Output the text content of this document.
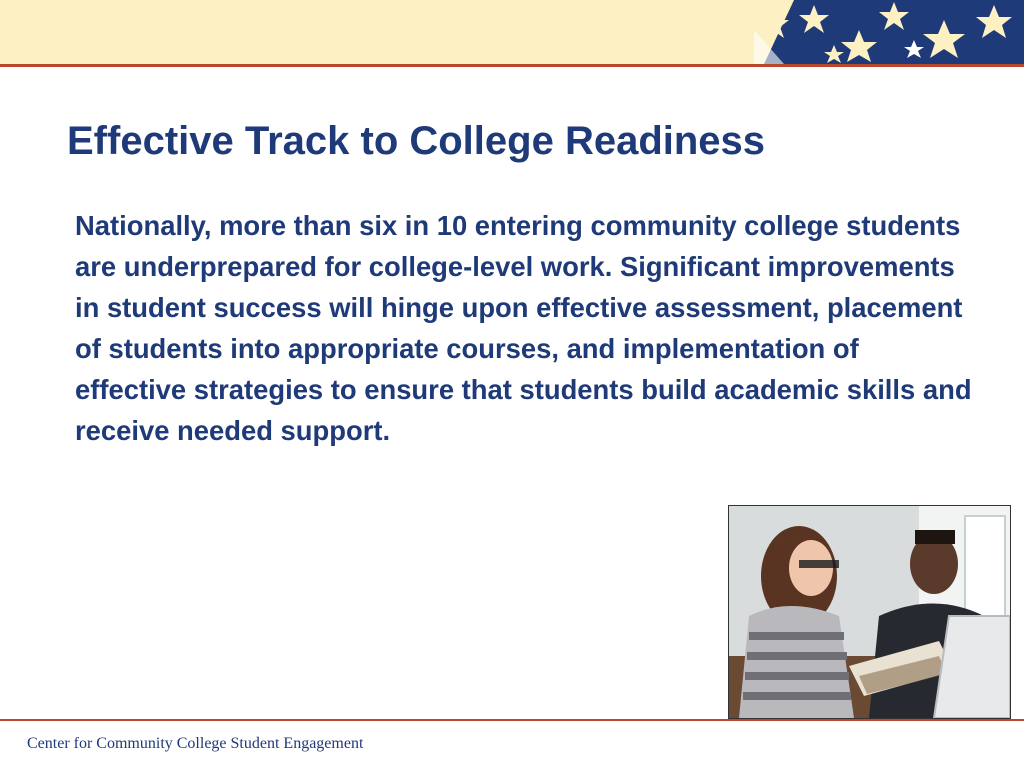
Effective Track to College Readiness

Nationally, more than six in 10 entering community college students are underprepared for college-level work. Significant improvements in student success will hinge upon effective assessment, placement of students into appropriate courses, and implementation of effective strategies to ensure that students build academic skills and receive needed support.

Center for Community College Student Engagement
